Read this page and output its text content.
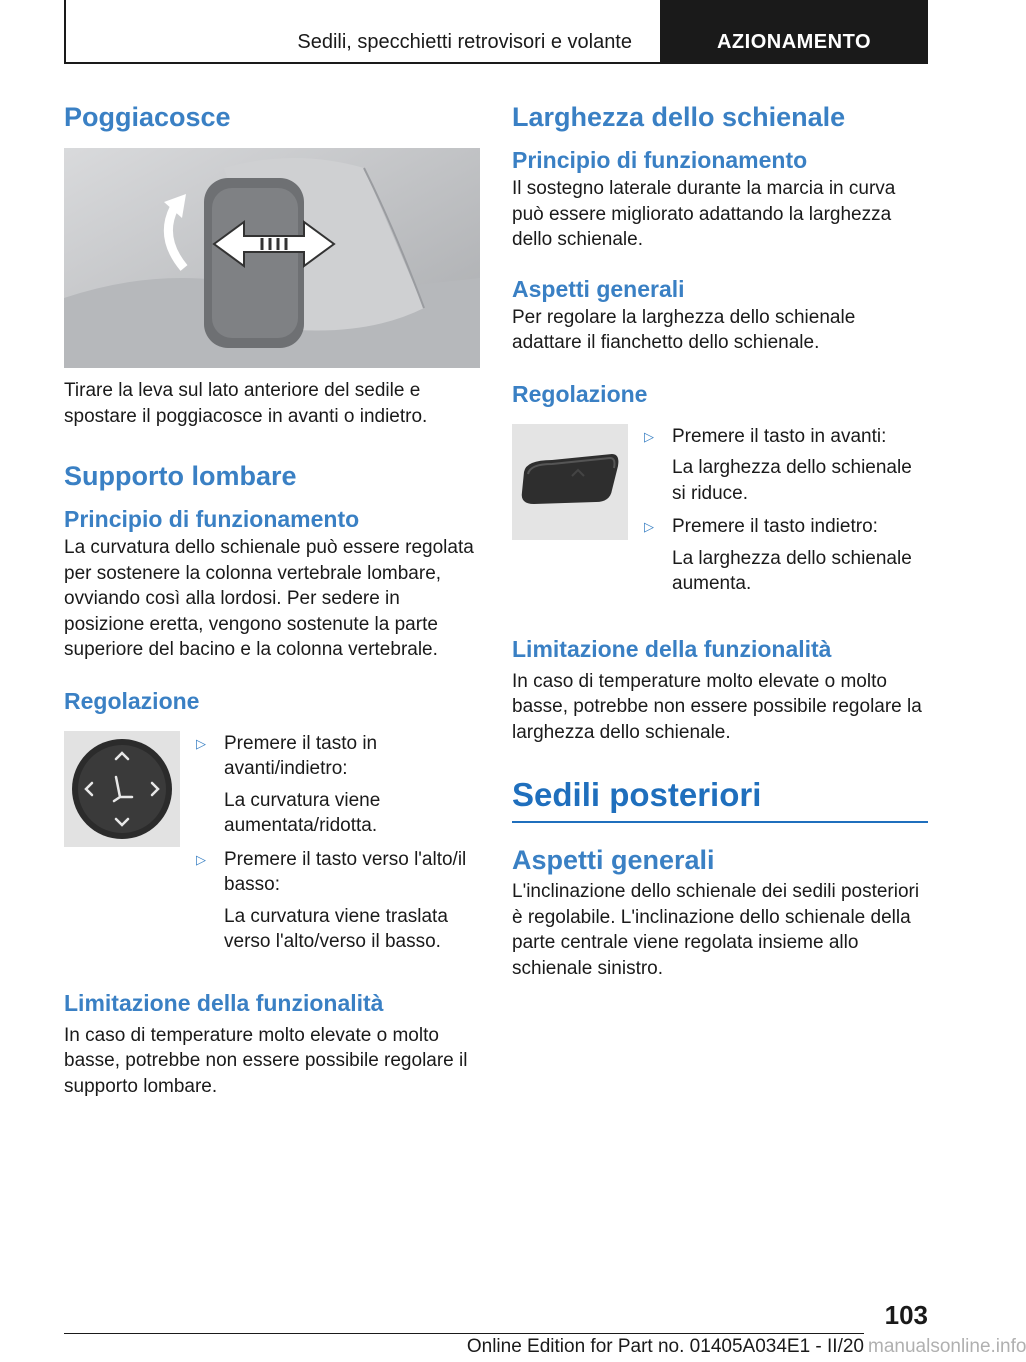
Sedili, specchietti retrovisori e volante	AZIONAMENTO
Poggiacosce

Tirare la leva sul lato anteriore del sedile e spostare il poggiacosce in avanti o indietro.

Supporto lombare
Principio di funzionamento

La curvatura dello schienale può essere regolata per sostenere la colonna vertebrale lombare, ovviando così alla lordosi. Per sedere in posizione eretta, vengono sostenute la parte superiore del bacino e la colonna vertebrale.

Regolazione
▷ Premere il tasto in avanti/indietro:

La curvatura viene aumentata/ridotta.

▷ Premere il tasto verso l'alto/il basso:

La curvatura viene traslata verso l'alto/verso il basso.

Limitazione della funzionalità

In caso di temperature molto elevate o molto basse, potrebbe non essere possibile regolare il supporto lombare.

Larghezza dello schienale
Principio di funzionamento

Il sostegno laterale durante la marcia in curva può essere migliorato adattando la larghezza dello schienale.

Aspetti generali

Per regolare la larghezza dello schienale adattare il fianchetto dello schienale.

Regolazione
▷ Premere il tasto in avanti:

La larghezza dello schienale si riduce.

▷ Premere il tasto indietro:

La larghezza dello schienale aumenta.

Limitazione della funzionalità

In caso di temperature molto elevate o molto basse, potrebbe non essere possibile regolare la larghezza dello schienale.

Sedili posteriori
Aspetti generali

L'inclinazione dello schienale dei sedili posteriori è regolabile. L'inclinazione dello schienale della parte centrale viene regolata insieme allo schienale sinistro.

103
Online Edition for Part no. 01405A034E1 - II/20 manualsonline.info
